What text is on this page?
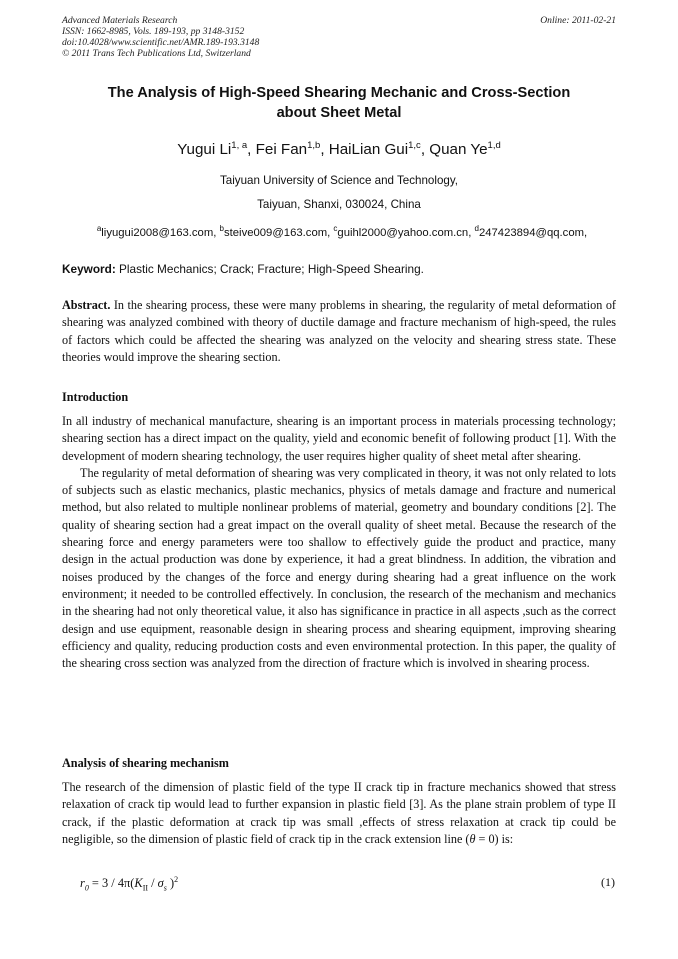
Advanced Materials Research
ISSN: 1662-8985, Vols. 189-193, pp 3148-3152
doi:10.4028/www.scientific.net/AMR.189-193.3148
© 2011 Trans Tech Publications Ltd, Switzerland
Online: 2011-02-21
The Analysis of High-Speed Shearing Mechanic and Cross-Section
about Sheet Metal
Yugui Li$^{1, a}$, Fei Fan$^{1,b}$, HaiLian Gui$^{1,c}$, Quan Ye$^{1,d}$
Taiyuan University of Science and Technology,
Taiyuan, Shanxi, 030024, China
$^a$liyugui2008@163.com, $^b$steive009@163.com, $^c$guihl2000@yahoo.com.cn, $^d$247423894@qq.com,
Keyword: Plastic Mechanics; Crack; Fracture; High-Speed Shearing.

Abstract. In the shearing process, these were many problems in shearing, the regularity of metal deformation of shearing was analyzed combined with theory of ductile damage and fracture mechanism of high-speed, the rules of factors which could be affected the shearing was analyzed on the velocity and shearing stress state. These theories would improve the shearing section.

Introduction

In all industry of mechanical manufacture, shearing is an important process in materials processing technology; shearing section has a direct impact on the quality, yield and economic benefit of following product [1]. With the development of modern shearing technology, the user requires higher quality of sheet metal after shearing.

The regularity of metal deformation of shearing was very complicated in theory, it was not only related to lots of subjects such as elastic mechanics, plastic mechanics, physics of metals damage and fracture and numerical method, but also related to multiple nonlinear problems of material, geometry and boundary conditions [2]. The quality of shearing section had a great impact on the overall quality of sheet metal. Because the research of the shearing force and energy parameters were too shallow to effectively guide the product and practice, many design in the actual production was done by experience, it had a great blindness. In addition, the vibration and noises produced by the changes of the force and energy during shearing had a great influence on the work environment; it needed to be controlled effectively. In conclusion, the research of the mechanism and mechanics in the shearing had not only theoretical value, it also has significance in practice in all aspects ,such as the correct design and use equipment, reasonable design in shearing process and shearing equipment, improving shearing efficiency and quality, reducing production costs and even environmental protection. In this paper, the quality of the shearing cross section was analyzed from the direction of fracture which is involved in shearing process.

Analysis of shearing mechanism

The research of the dimension of plastic field of the type II crack tip in fracture mechanics showed that stress relaxation of crack tip would lead to further expansion in plastic field [3]. As the plane strain problem of type II crack, if the plastic deformation at crack tip was small ,effects of stress relaxation at crack tip could be negligible, so the dimension of plastic field of crack tip in the crack extension line (θ = 0) is:

$r_0 = 3 / 4\pi(K_{II} / \sigma_s$ )$^2$	(1)
